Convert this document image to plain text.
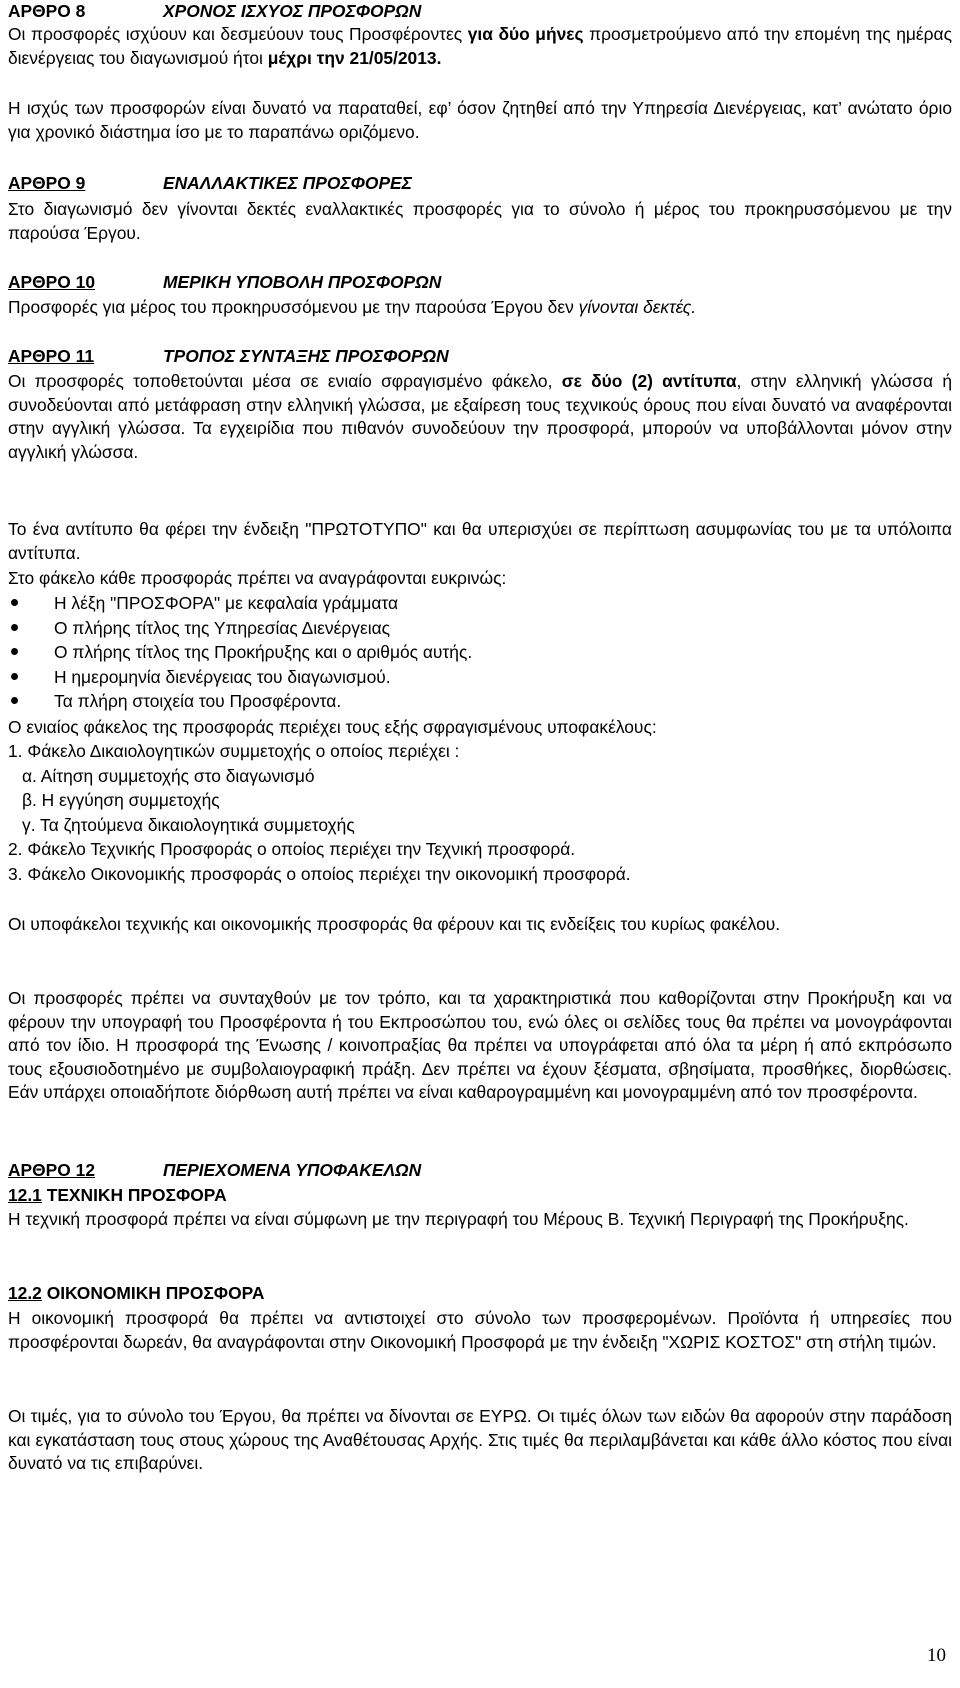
ΑΡΘΡΟ 8	ΧΡΟΝΟΣ ΙΣΧΥΟΣ ΠΡΟΣΦΟΡΩΝ
Οι προσφορές ισχύουν και δεσμεύουν τους Προσφέροντες για δύο μήνες προσμετρούμενο από την επομένη της ημέρας διενέργειας του διαγωνισμού ήτοι μέχρι την 21/05/2013.
Η ισχύς των προσφορών είναι δυνατό να παραταθεί, εφ’ όσον ζητηθεί από την Υπηρεσία Διενέργειας, κατ’ ανώτατο όριο για χρονικό διάστημα ίσο με το παραπάνω οριζόμενο.
ΑΡΘΡΟ 9	ΕΝΑΛΛΑΚΤΙΚΕΣ ΠΡΟΣΦΟΡΕΣ
Στο διαγωνισμό δεν γίνονται δεκτές εναλλακτικές προσφορές για το σύνολο ή μέρος του προκηρυσσόμενου με την παρούσα Έργου.
ΑΡΘΡΟ 10	ΜΕΡΙΚΗ ΥΠΟΒΟΛΗ ΠΡΟΣΦΟΡΩΝ
Προσφορές για μέρος του προκηρυσσόμενου με την παρούσα Έργου δεν γίνονται δεκτές.
ΑΡΘΡΟ 11	ΤΡΟΠΟΣ ΣΥΝΤΑΞΗΣ ΠΡΟΣΦΟΡΩΝ
Οι προσφορές τοποθετούνται μέσα σε ενιαίο σφραγισμένο φάκελο, σε δύο (2) αντίτυπα, στην ελληνική γλώσσα ή συνοδεύονται από μετάφραση στην ελληνική γλώσσα, με εξαίρεση τους τεχνικούς όρους που είναι δυνατό να αναφέρονται στην αγγλική γλώσσα. Τα εγχειρίδια που πιθανόν συνοδεύουν την προσφορά, μπορούν να υποβάλλονται μόνον στην αγγλική γλώσσα.
Το ένα αντίτυπο θα φέρει την ένδειξη "ΠΡΩΤΟΤΥΠΟ" και θα υπερισχύει σε περίπτωση ασυμφωνίας του με τα υπόλοιπα αντίτυπα.
Στο φάκελο κάθε προσφοράς πρέπει να αναγράφονται ευκρινώς:
Η λέξη "ΠΡΟΣΦΟΡΑ" με κεφαλαία γράμματα
Ο πλήρης τίτλος της Υπηρεσίας Διενέργειας
Ο πλήρης τίτλος της Προκήρυξης και ο αριθμός αυτής.
Η ημερομηνία διενέργειας του διαγωνισμού.
Τα πλήρη στοιχεία του Προσφέροντα.
Ο ενιαίος φάκελος της προσφοράς περιέχει τους εξής σφραγισμένους υποφακέλους:
1. Φάκελο Δικαιολογητικών συμμετοχής ο οποίος περιέχει :
α. Αίτηση συμμετοχής στο διαγωνισμό
β. Η εγγύηση συμμετοχής
γ. Τα ζητούμενα δικαιολογητικά συμμετοχής
2. Φάκελο Τεχνικής Προσφοράς ο οποίος περιέχει την Τεχνική προσφορά.
3. Φάκελο Οικονομικής προσφοράς ο οποίος περιέχει την οικονομική προσφορά.
Οι υποφάκελοι τεχνικής και οικονομικής προσφοράς θα φέρουν και τις ενδείξεις του κυρίως φακέλου.
Οι προσφορές πρέπει να συνταχθούν με τον τρόπο, και τα χαρακτηριστικά που καθορίζονται στην Προκήρυξη και να φέρουν την υπογραφή του Προσφέροντα ή του Εκπροσώπου του, ενώ όλες οι σελίδες τους θα πρέπει να μονογράφονται από τον ίδιο. Η προσφορά της Ένωσης / κοινοπραξίας θα πρέπει να υπογράφεται από όλα τα μέρη ή από εκπρόσωπο τους εξουσιοδοτημένο με συμβολαιογραφική πράξη. Δεν πρέπει να έχουν ξέσματα, σβησίματα, προσθήκες, διορθώσεις. Εάν υπάρχει οποιαδήποτε διόρθωση αυτή πρέπει να είναι καθαρογραμμένη και μονογραμμένη από τον προσφέροντα.
ΑΡΘΡΟ 12	ΠΕΡΙΕΧΟΜΕΝΑ ΥΠΟΦΑΚΕΛΩΝ
12.1 ΤΕΧΝΙΚΗ ΠΡΟΣΦΟΡΑ
Η τεχνική προσφορά πρέπει να είναι σύμφωνη με την περιγραφή του Μέρους Β. Τεχνική Περιγραφή της Προκήρυξης.
12.2 ΟΙΚΟΝΟΜΙΚΗ ΠΡΟΣΦΟΡΑ
Η οικονομική προσφορά θα πρέπει να αντιστοιχεί στο σύνολο των προσφερομένων. Προϊόντα ή υπηρεσίες που προσφέρονται δωρεάν, θα αναγράφονται στην Οικονομική Προσφορά με την ένδειξη "ΧΩΡΙΣ ΚΟΣΤΟΣ" στη στήλη τιμών.
Οι τιμές, για το σύνολο του Έργου, θα πρέπει να δίνονται σε ΕΥΡΩ. Οι τιμές όλων των ειδών θα αφορούν στην παράδοση και εγκατάσταση τους στους χώρους της Αναθέτουσας Αρχής. Στις τιμές θα περιλαμβάνεται και κάθε άλλο κόστος που είναι δυνατό να τις επιβαρύνει.
10
